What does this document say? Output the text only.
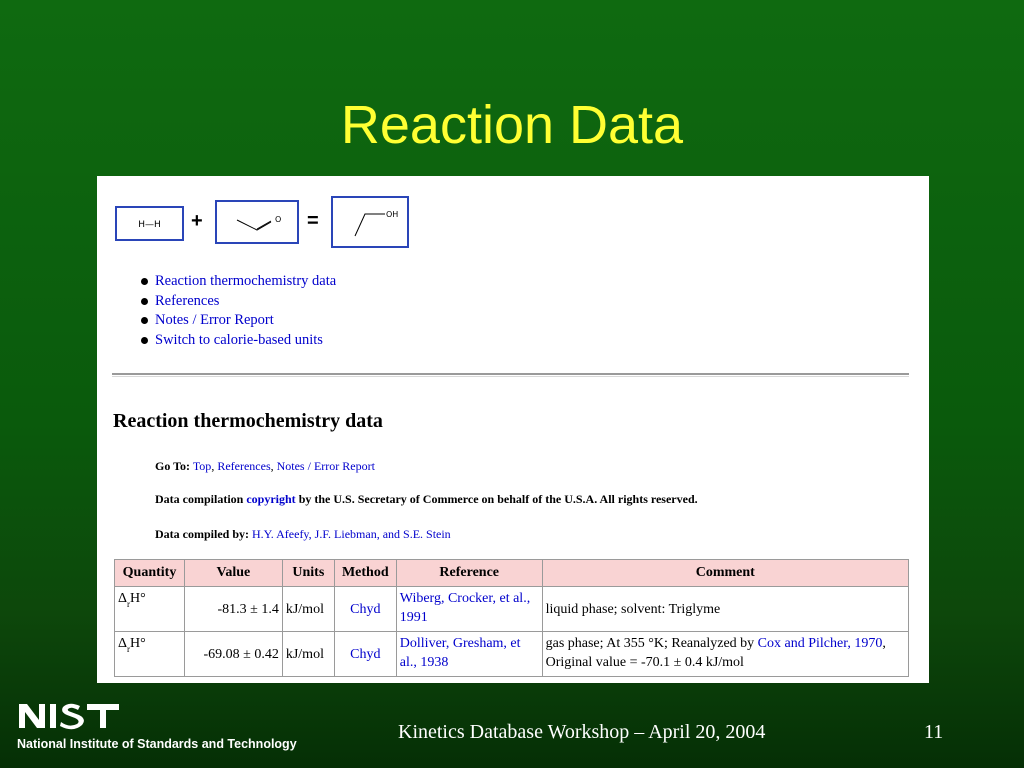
Reaction Data
H—H +	O =	OH
Reaction thermochemistry data
References
Notes / Error Report
Switch to calorie-based units
Reaction thermochemistry data
Go To: Top, References, Notes / Error Report
Data compilation copyright by the U.S. Secretary of Commerce on behalf of the U.S.A. All rights reserved.
Data compiled by: H.Y. Afeefy, J.F. Liebman, and S.E. Stein
Quantity	Value	Units	Method	Reference	Comment
$\Delta_rH^\circ$	-81.3 ± 1.4	kJ/mol	Chyd	Wiberg, Crocker, et al., 1991	liquid phase; solvent: Triglyme
$\Delta_rH^\circ$	-69.08 ± 0.42	kJ/mol	Chyd	Dolliver, Gresham, et al., 1938	gas phase; At 355 °K; Reanalyzed by Cox and Pilcher, 1970, Original value = -70.1 ± 0.4 kJ/mol
National Institute of Standards and Technology
Kinetics Database Workshop – April 20, 2004	11
